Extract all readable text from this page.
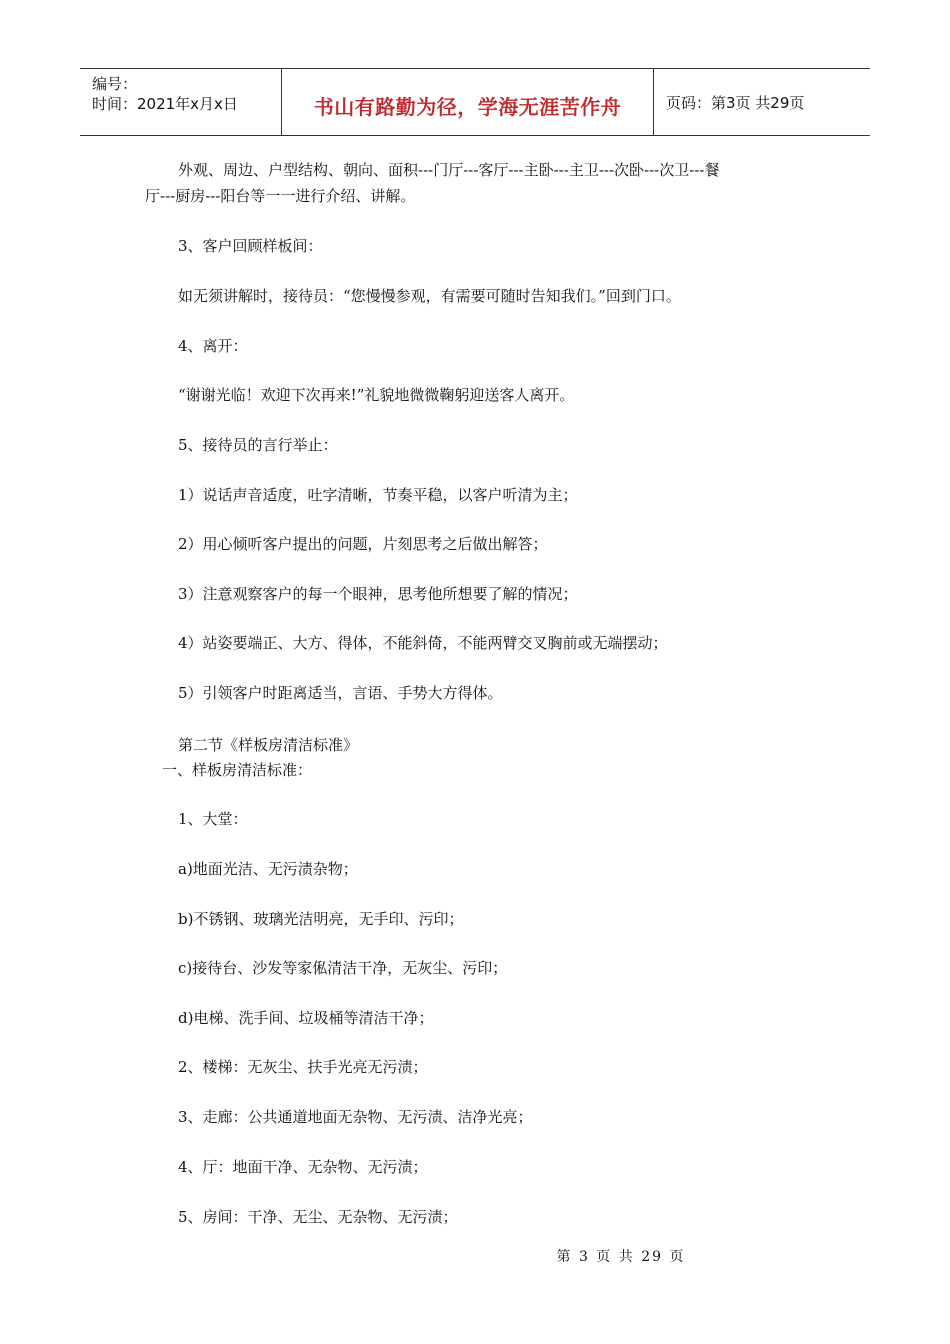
编号：
时间：2021年x月x日	书山有路勤为径，学海无涯苦作舟	页码：第3页 共29页
外观、周边、户型结构、朝向、面积---门厅---客厅---主卧---主卫---次卧---次卫---餐
厅---厨房---阳台等一一进行介绍、讲解。
3、客户回顾样板间：
如无须讲解时，接待员：“您慢慢参观，有需要可随时告知我们。”回到门口。
4、离开：
“谢谢光临！欢迎下次再来!”礼貌地微微鞠躬迎送客人离开。
5、接待员的言行举止：
1）说话声音适度，吐字清晰，节奏平稳，以客户听清为主；
2）用心倾听客户提出的问题，片刻思考之后做出解答；
3）注意观察客户的每一个眼神，思考他所想要了解的情况；
4）站姿要端正、大方、得体，不能斜倚，不能两臂交叉胸前或无端摆动；
5）引领客户时距离适当，言语、手势大方得体。
第二节《样板房清洁标准》
一、样板房清洁标准：
1、大堂：
a)地面光洁、无污渍杂物；
b)不锈钢、玻璃光洁明亮，无手印、污印；
c)接待台、沙发等家俬清洁干净，无灰尘、污印；
d)电梯、洗手间、垃圾桶等清洁干净；
2、楼梯：无灰尘、扶手光亮无污渍；
3、走廊：公共通道地面无杂物、无污渍、洁净光亮；
4、厅：地面干净、无杂物、无污渍；
5、房间：干净、无尘、无杂物、无污渍；
第 3 页 共 29 页
